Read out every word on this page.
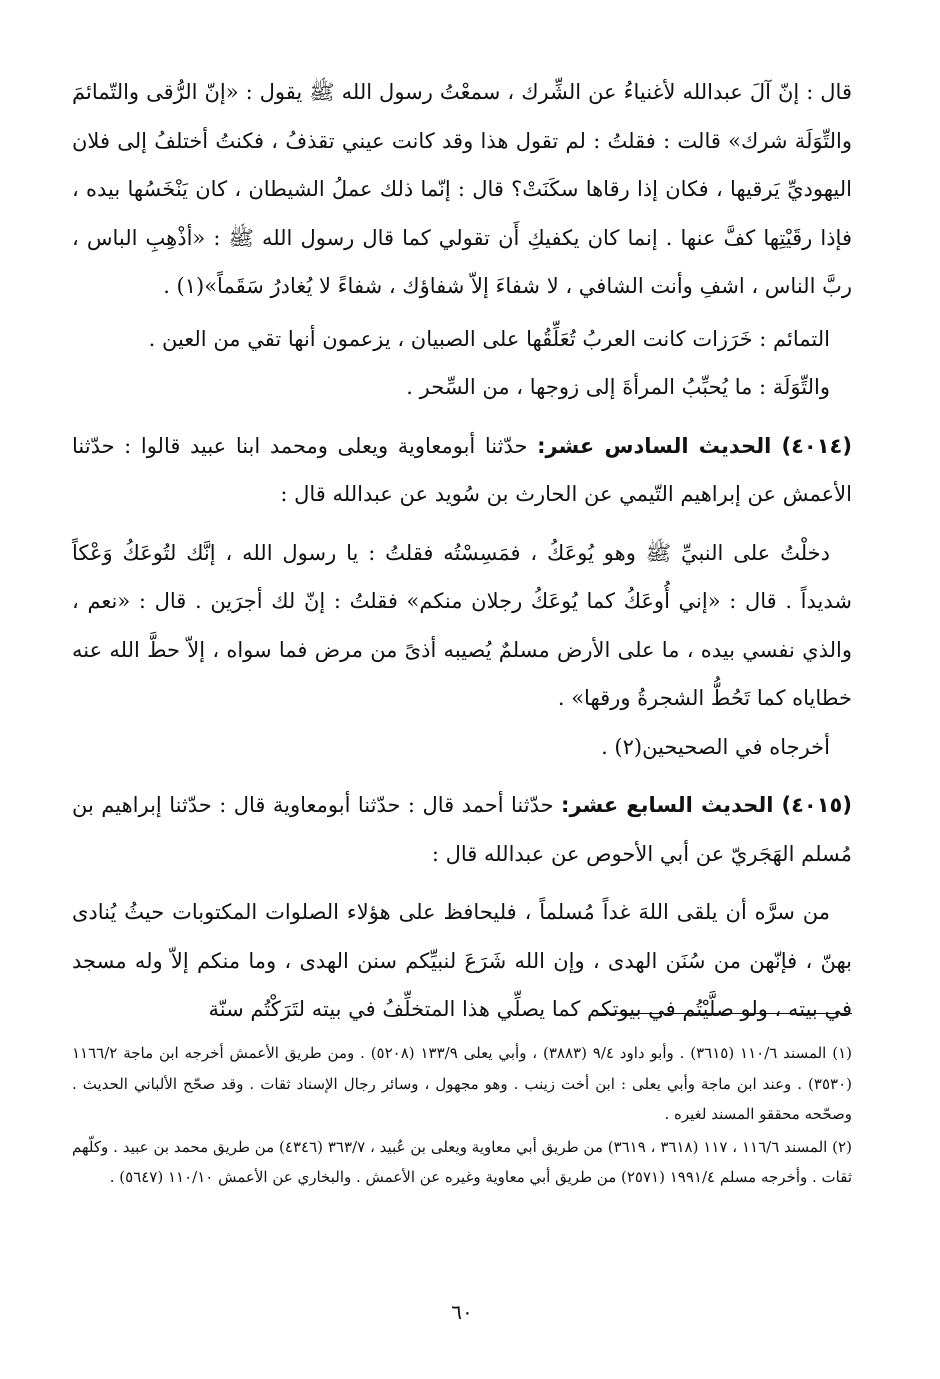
قال : إنّ آلَ عبدالله لأغنياءُ عن الشِّرك ، سمعْتُ رسول الله ﷺ يقول : «إنّ الرُّقى والتّمائمَ والتِّوَلَة شرك» قالت : فقلتُ : لم تقول هذا وقد كانت عيني تقذفُ ، فكنتُ أختلفُ إلى فلان اليهوديِّ يَرقيها ، فكان إذا رقاها سكَنَتْ؟ قال : إنّما ذلك عملُ الشيطان ، كان يَنْخَسُها بيده ، فإذا رقَيْتِها كفَّ عنها . إنما كان يكفيكِ أَن تقولي كما قال رسول الله ﷺ : «أذْهِبِ الباس ، ربَّ الناس ، اشفِ وأنت الشافي ، لا شفاءَ إلاّ شفاؤك ، شفاءً لا يُغادرُ سَقَماً»(١) .

التمائم : خَرَزات كانت العربُ تُعَلِّقُها على الصبيان ، يزعمون أنها تقي من العين .

والتِّوَلَة : ما يُحبِّبُ المرأةَ إلى زوجها ، من السِّحر .

(٤٠١٤) الحديث السادس عشر: حدّثنا أبومعاوية ويعلى ومحمد ابنا عبيد قالوا : حدّثنا الأعمش عن إبراهيم التّيمي عن الحارث بن سُويد عن عبدالله قال :

دخلْتُ على النبيِّ ﷺ وهو يُوعَكُ ، فمَسِسْتُه فقلتُ : يا رسول الله ، إنَّك لتُوعَكُ وَعْكاً شديداً . قال : «إني أُوعَكُ كما يُوعَكُ رجلان منكم» فقلتُ : إنّ لك أجرَين . قال : «نعم ، والذي نفسي بيده ، ما على الأرض مسلمٌ يُصيبه أذىً من مرض فما سواه ، إلاّ حطَّ الله عنه خطاياه كما تَحُطُّ الشجرةُ ورقها» .

أخرجاه في الصحيحين(٢) .

(٤٠١٥) الحديث السابع عشر: حدّثنا أحمد قال : حدّثنا أبومعاوية قال : حدّثنا إبراهيم بن مُسلم الهَجَريّ عن أبي الأحوص عن عبدالله قال :

من سرَّه أن يلقى اللهَ غداً مُسلماً ، فليحافظ على هؤلاء الصلوات المكتوبات حيثُ يُنادى بهنّ ، فإنّهن من سُنَن الهدى ، وإن الله شَرَعَ لنبيِّكم سنن الهدى ، وما منكم إلاّ وله مسجد في بيته ، ولو صلَّيْتُم في بيوتكم كما يصلِّي هذا المتخلِّفُ في بيته لتَرَكْتُم سنّة

(١) المسند ١١٠/٦ (٣٦١٥) . وأبو داود ٩/٤ (٣٨٨٣) ، وأبي يعلى ١٣٣/٩ (٥٢٠٨) . ومن طريق الأعمش أخرجه ابن ماجة ١١٦٦/٢ (٣٥٣٠) . وعند ابن ماجة وأبي يعلى : ابن أخت زينب . وهو مجهول ، وسائر رجال الإسناد ثقات . وقد صحّح الألباني الحديث . وصحّحه محققو المسند لغيره .

(٢) المسند ١١٦/٦ ، ١١٧ (٣٦١٨ ، ٣٦١٩) من طريق أبي معاوية ويعلى بن عُبيد ، ٣٦٣/٧ (٤٣٤٦) من طريق محمد بن عبيد . وكلّهم ثقات . وأخرجه مسلم ١٩٩١/٤ (٢٥٧١) من طريق أبي معاوية وغيره عن الأعمش . والبخاري عن الأعمش ١١٠/١٠ (٥٦٤٧) .

٦٠
